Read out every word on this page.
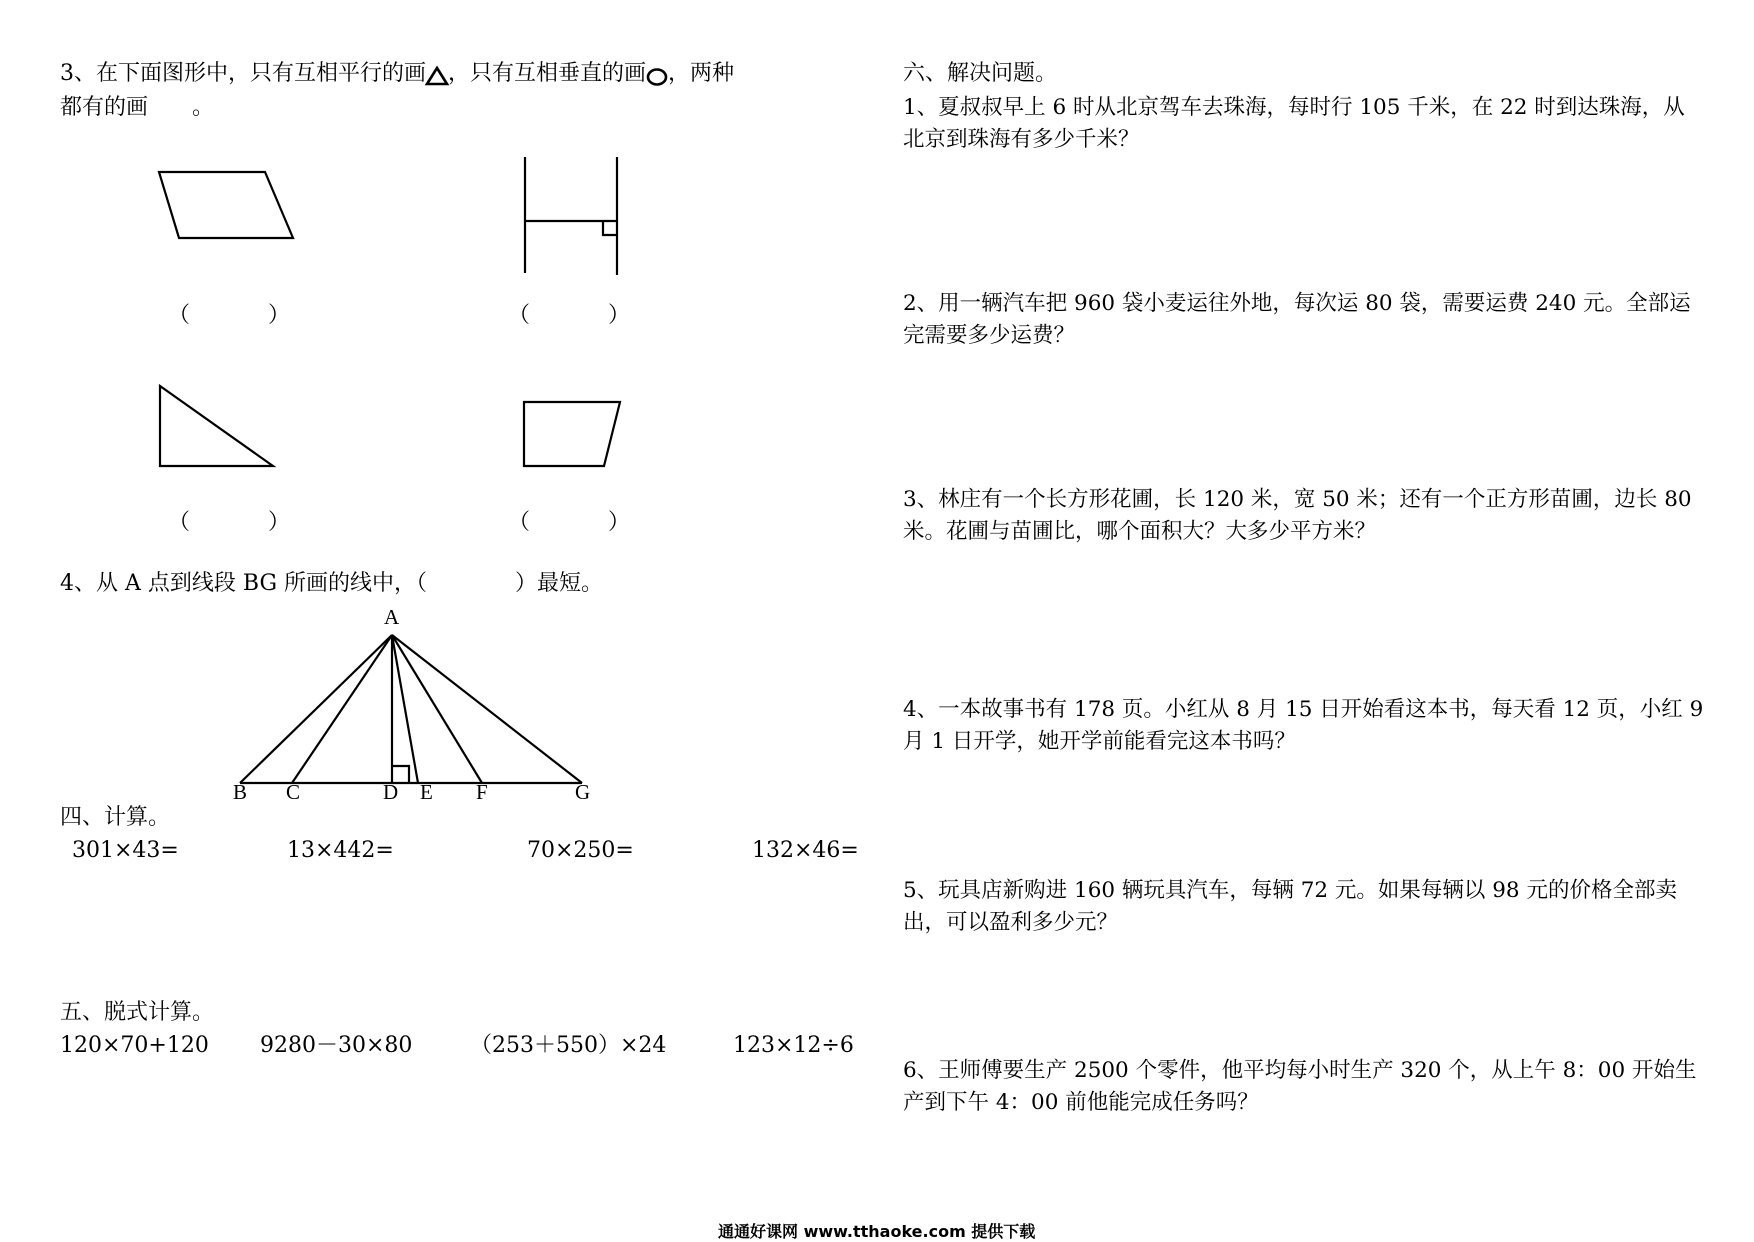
3、在下面图形中，只有互相平行的画 ，只有互相垂直的画 ，两种
都有的画　　。
（	）	（	）
（	）	（	）
4、从 A 点到线段 BG 所画的线中，（　　　　）最短。
A
B C	D E F	G
四、计算。
301×43=	13×442=	70×250=	132×46=
五、脱式计算。
120×70+120 9280－30×80	（253＋550）×24	123×12÷6
六、解决问题。
1、夏叔叔早上 6 时从北京驾车去珠海，每时行 105 千米，在 22 时到达珠海，从北京到珠海有多少千米？
2、用一辆汽车把 960 袋小麦运往外地，每次运 80 袋，需要运费 240 元。全部运完需要多少运费？
3、林庄有一个长方形花圃，长 120 米，宽 50 米；还有一个正方形苗圃，边长 80 米。花圃与苗圃比，哪个面积大？大多少平方米？
4、一本故事书有 178 页。小红从 8 月 15 日开始看这本书，每天看 12 页，小红 9 月 1 日开学，她开学前能看完这本书吗？
5、玩具店新购进 160 辆玩具汽车，每辆 72 元。如果每辆以 98 元的价格全部卖出，可以盈利多少元？
6、王师傅要生产 2500 个零件，他平均每小时生产 320 个，从上午 8：00 开始生产到下午 4：00 前他能完成任务吗？
通通好课网 www.tthaoke.com 提供下载
